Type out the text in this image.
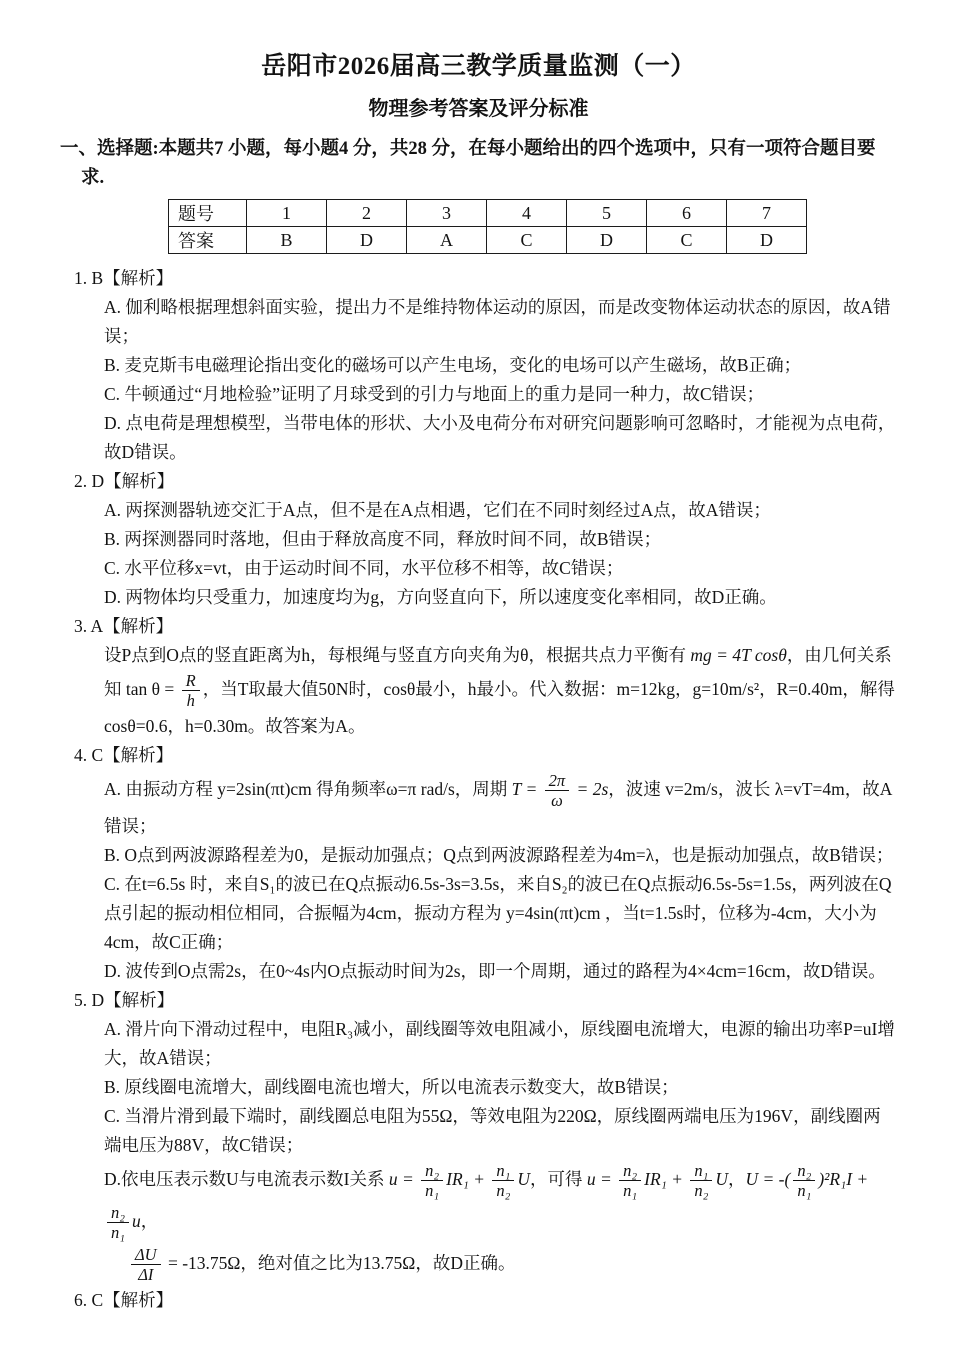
岳阳市2026届高三教学质量监测（一）
物理参考答案及评分标准

一、选择题:本题共7 小题，每小题4 分，共28 分，在每小题给出的四个选项中，只有一项符合题目要求.

题号	1	2	3	4	5	6	7
答案	B	D	A	C	D	C	D
1. B【解析】
A. 伽利略根据理想斜面实验，提出力不是维持物体运动的原因，而是改变物体运动状态的原因，故A错误；
B. 麦克斯韦电磁理论指出变化的磁场可以产生电场，变化的电场可以产生磁场，故B正确；
C. 牛顿通过“月地检验”证明了月球受到的引力与地面上的重力是同一种力，故C错误；
D. 点电荷是理想模型，当带电体的形状、大小及电荷分布对研究问题影响可忽略时，才能视为点电荷，故D错误。
2. D【解析】
A. 两探测器轨迹交汇于A点，但不是在A点相遇，它们在不同时刻经过A点，故A错误；
B. 两探测器同时落地，但由于释放高度不同，释放时间不同，故B错误；
C. 水平位移x=vt，由于运动时间不同，水平位移不相等，故C错误；
D. 两物体均只受重力，加速度均为g，方向竖直向下，所以速度变化率相同，故D正确。
3. A【解析】
设P点到O点的竖直距离为h，每根绳与竖直方向夹角为θ，根据共点力平衡有 mg = 4T cosθ，由几何关系知 $\tan \theta = \frac{R}{h}$ ，当T取最大值50N时，cosθ最小，h最小。代入数据：m=12kg，g=10m/s²，R=0.40m，解得cosθ=0.6，h=0.30m。故答案为A。
4. C【解析】
A. 由振动方程 y=2sin(πt)cm 得角频率ω=π rad/s，周期 $T = \frac{2\pi}{\omega} = 2s$，波速 v=2m/s，波长 λ=vT=4m，故A错误；
B. O点到两波源路程差为0，是振动加强点；Q点到两波源路程差为4m=λ，也是振动加强点，故B错误；
C. 在t=6.5s 时，来自S₁的波已在Q点振动6.5s-3s=3.5s，来自S₂的波已在Q点振动6.5s-5s=1.5s，两列波在Q点引起的振动相位相同，合振幅为4cm，振动方程为 y=4sin(πt)cm ，当t=1.5s时，位移为-4cm，大小为4cm，故C正确；
D. 波传到O点需2s，在0~4s内O点振动时间为2s，即一个周期，通过的路程为4×4cm=16cm，故D错误。
5. D【解析】
A. 滑片向下滑动过程中，电阻R₃减小，副线圈等效电阻减小，原线圈电流增大，电源的输出功率P=uI增大，故A错误；
B. 原线圈电流增大，副线圈电流也增大，所以电流表示数变大，故B错误；
C. 当滑片滑到最下端时，副线圈总电阻为55Ω，等效电阻为220Ω，原线圈两端电压为196V，副线圈两端电压为88V，故C错误；
D.依电压表示数U与电流表示数I关系 $u = \frac{\text{n₂}}{\text{n₁}} IR_1 + \frac{\text{n₁}}{\text{n₂}}$ U，可得 $u = \frac{\text{n₂}}{\text{n₁}} IR_1 + \frac{\text{n₁}}{\text{n₂}}$ U，U = -( $\frac{\text{n₂}}{\text{n₁}} )^2R_1I$ +
$\frac{\text{n₂}}{\text{n₁}}$ u，
$\frac{\Delta U}{\Delta I} = -13.75\Omega$，绝对值之比为13.75Ω，故D正确。
6. C【解析】
